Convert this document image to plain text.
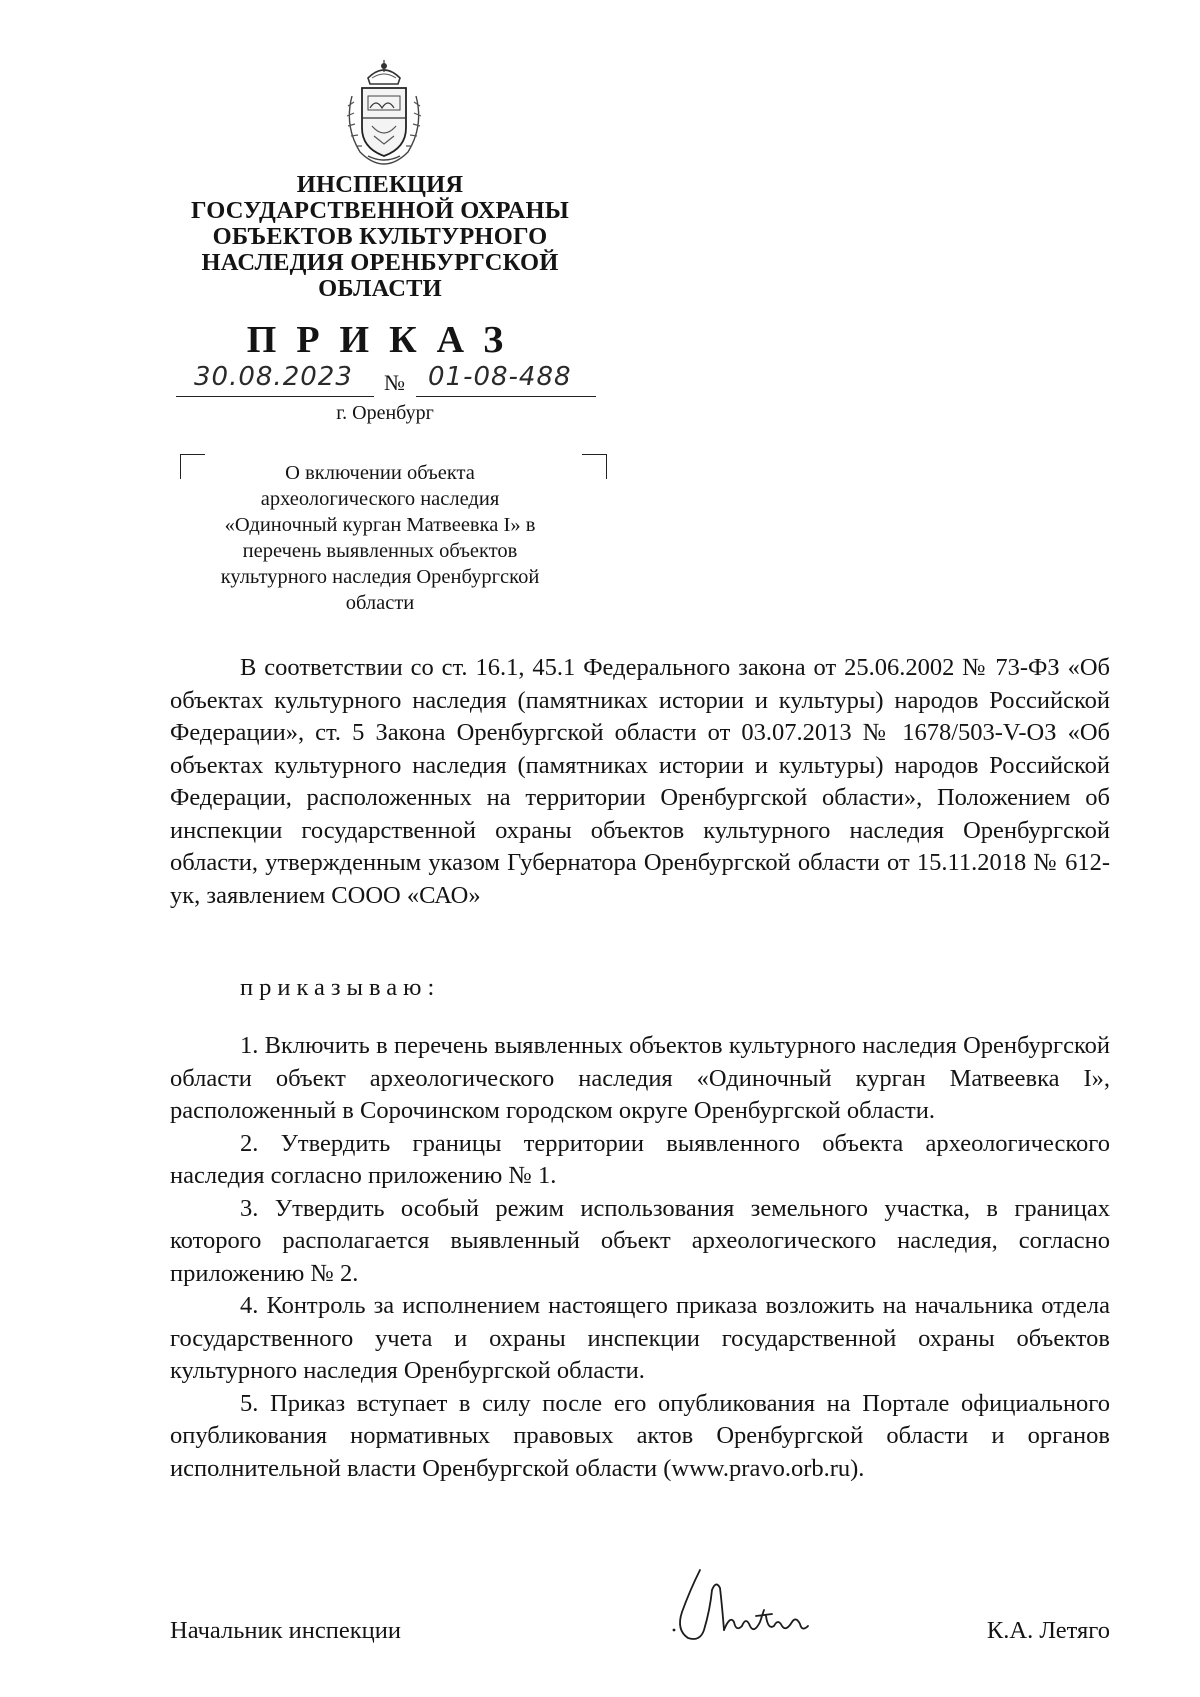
ИНСПЕКЦИЯ
ГОСУДАРСТВЕННОЙ ОХРАНЫ
ОБЪЕКТОВ КУЛЬТУРНОГО
НАСЛЕДИЯ ОРЕНБУРГСКОЙ
ОБЛАСТИ
ПРИКАЗ
30.08.2023 № 01-08-488
г. Оренбург
О включении объекта
археологического наследия
«Одиночный курган Матвеевка I» в
перечень выявленных объектов
культурного наследия Оренбургской
области

В соответствии со ст. 16.1, 45.1 Федерального закона от 25.06.2002 № 73-ФЗ «Об объектах культурного наследия (памятниках истории и культуры) народов Российской Федерации», ст. 5 Закона Оренбургской области от 03.07.2013 № 1678/503-V-ОЗ «Об объектах культурного наследия (памятниках истории и культуры) народов Российской Федерации, расположенных на территории Оренбургской области», Положением об инспекции государственной охраны объектов культурного наследия Оренбургской области, утвержденным указом Губернатора Оренбургской области от 15.11.2018 № 612-ук, заявлением СООО «САО»

приказываю:

1. Включить в перечень выявленных объектов культурного наследия Оренбургской области объект археологического наследия «Одиночный курган Матвеевка I», расположенный в Сорочинском городском округе Оренбургской области.

2. Утвердить границы территории выявленного объекта археологического наследия согласно приложению № 1.

3. Утвердить особый режим использования земельного участка, в границах которого располагается выявленный объект археологического наследия, согласно приложению № 2.

4. Контроль за исполнением настоящего приказа возложить на начальника отдела государственного учета и охраны инспекции государственной охраны объектов культурного наследия Оренбургской области.

5. Приказ вступает в силу после его опубликования на Портале официального опубликования нормативных правовых актов Оренбургской области и органов исполнительной власти Оренбургской области (www.pravo.orb.ru).

Начальник инспекции	К.А. Летяго
